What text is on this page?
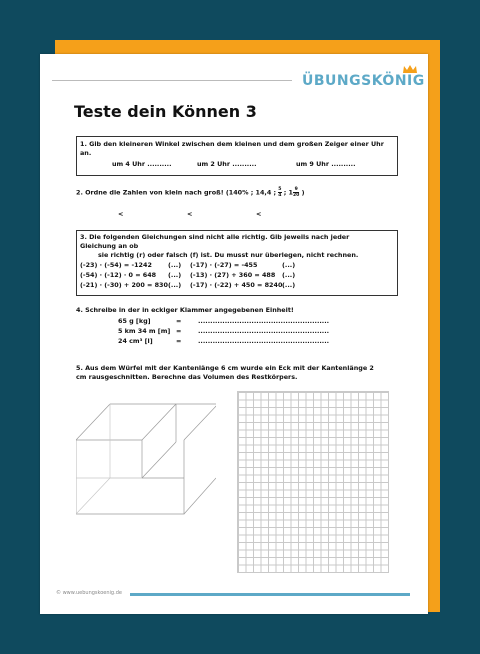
ÜBUNGSKÖNIG
Teste dein Können 3
1. Gib den kleineren Winkel zwischen dem kleinen und dem großen Zeiger einer Uhr
an.
um 4 Uhr ..........	um 2 Uhr ..........	um 9 Uhr ..........
2. Ordne die Zahlen von klein nach groß! (140% ; 14,4 ; $\frac{5}{4}$ ; $1 \frac{9}{20}$ )
<	<	<
3. Die folgenden Gleichungen sind nicht alle richtig. Gib jeweils nach jeder
Gleichung an ob
sie richtig (r) oder falsch (f) ist. Du musst nur überlegen, nicht rechnen.
(-23) · (-54) = -1242	(...) (-17) · (-27) = -455	(...)
(-54) · (-12) · 0 = 648 (...) (-13) · (27) + 360 = 488 (...)
(-21) · (-30) + 200 = 830 (...) (-17) · (-22) + 450 = 8240 (...)
4. Schreibe in der in eckiger Klammer angegebenen Einheit!
65 g [kg]	=	......................................................
5 km 34 m [m] =	......................................................
24 cm³ [l]	=	......................................................
5. Aus dem Würfel mit der Kantenlänge 6 cm wurde ein Eck mit der Kantenlänge 2
cm rausgeschnitten. Berechne das Volumen des Restkörpers.
© www.uebungskoenig.de
